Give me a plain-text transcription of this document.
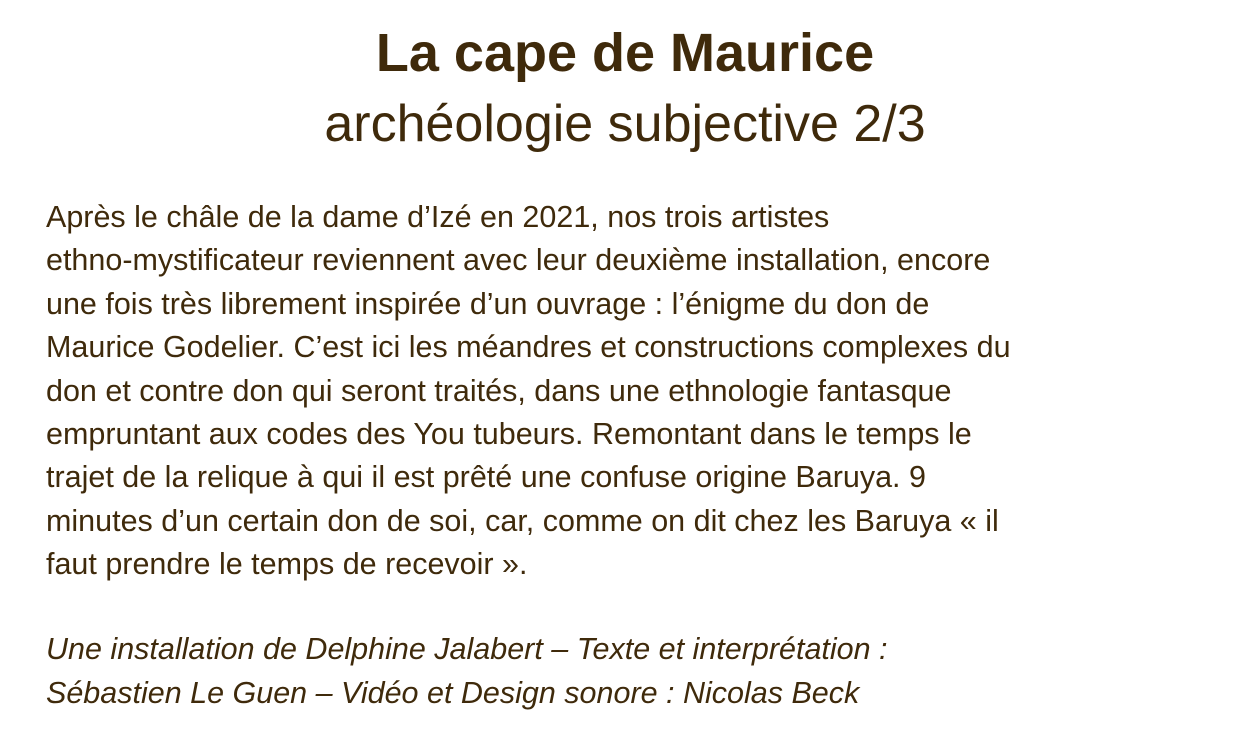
La cape de Maurice
archéologie subjective 2/3
Après le châle de la dame d’Izé en 2021, nos trois artistes
ethno-mystificateur reviennent avec leur deuxième installation, encore
une fois très librement inspirée d’un ouvrage : l’énigme du don de
Maurice Godelier. C’est ici les méandres et constructions complexes du
don et contre don qui seront traités, dans une ethnologie fantasque
empruntant aux codes des You tubeurs. Remontant dans le temps le
trajet de la relique à qui il est prêté une confuse origine Baruya. 9
minutes d’un certain don de soi, car, comme on dit chez les Baruya « il
faut prendre le temps de recevoir ».
Une installation de Delphine Jalabert – Texte et interprétation :
Sébastien Le Guen – Vidéo et Design sonore : Nicolas Beck
